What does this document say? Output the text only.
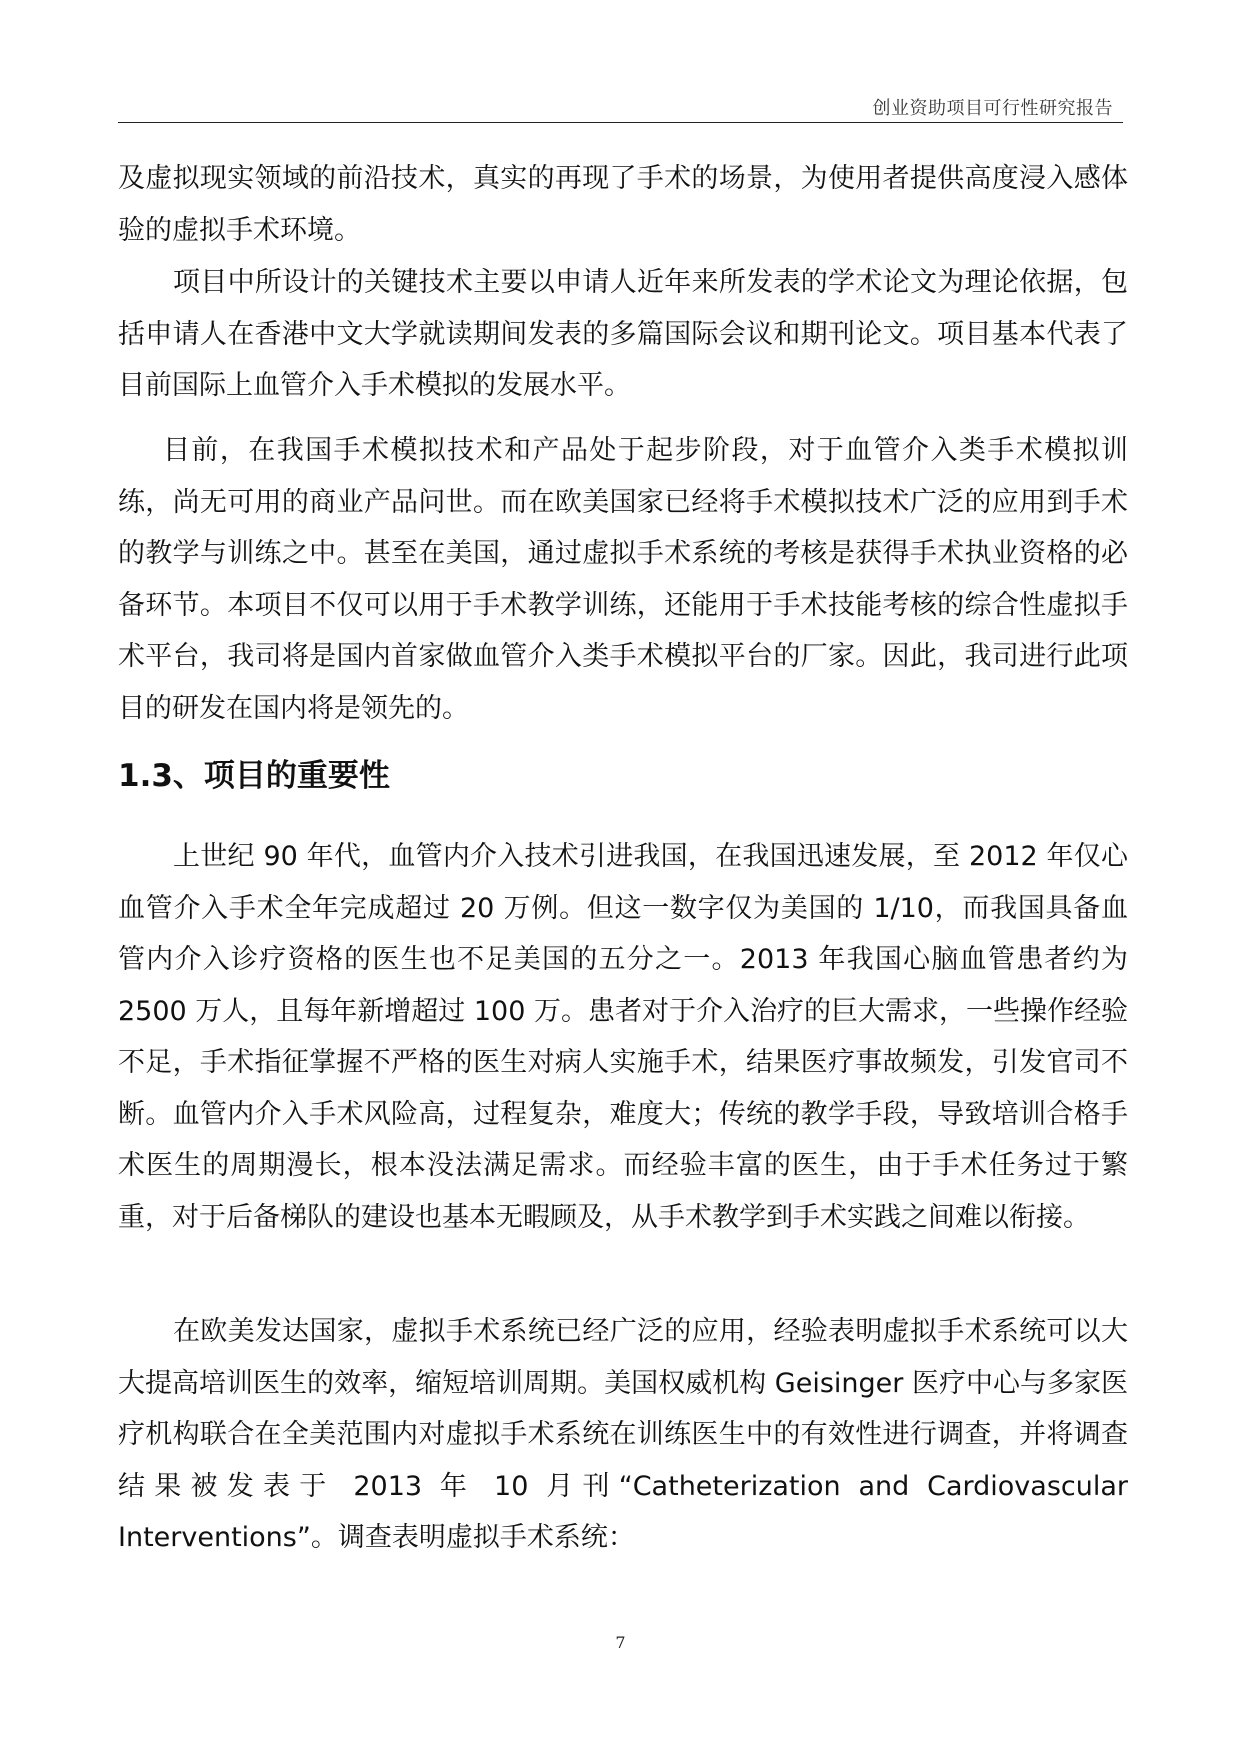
创业资助项目可行性研究报告

及虚拟现实领域的前沿技术，真实的再现了手术的场景，为使用者提供高度浸入感体验的虚拟手术环境。

项目中所设计的关键技术主要以申请人近年来所发表的学术论文为理论依据，包括申请人在香港中文大学就读期间发表的多篇国际会议和期刊论文。项目基本代表了目前国际上血管介入手术模拟的发展水平。

目前，在我国手术模拟技术和产品处于起步阶段，对于血管介入类手术模拟训练，尚无可用的商业产品问世。而在欧美国家已经将手术模拟技术广泛的应用到手术的教学与训练之中。甚至在美国，通过虚拟手术系统的考核是获得手术执业资格的必备环节。本项目不仅可以用于手术教学训练，还能用于手术技能考核的综合性虚拟手术平台，我司将是国内首家做血管介入类手术模拟平台的厂家。因此，我司进行此项目的研发在国内将是领先的。

1.3、项目的重要性

上世纪 90 年代，血管内介入技术引进我国，在我国迅速发展，至 2012 年仅心血管介入手术全年完成超过 20 万例。但这一数字仅为美国的 1/10，而我国具备血管内介入诊疗资格的医生也不足美国的五分之一。2013 年我国心脑血管患者约为 2500 万人，且每年新增超过 100 万。患者对于介入治疗的巨大需求，一些操作经验不足，手术指征掌握不严格的医生对病人实施手术，结果医疗事故频发，引发官司不断。血管内介入手术风险高，过程复杂，难度大；传统的教学手段，导致培训合格手术医生的周期漫长，根本没法满足需求。而经验丰富的医生，由于手术任务过于繁重，对于后备梯队的建设也基本无暇顾及，从手术教学到手术实践之间难以衔接。

在欧美发达国家，虚拟手术系统已经广泛的应用，经验表明虚拟手术系统可以大大提高培训医生的效率，缩短培训周期。美国权威机构 Geisinger 医疗中心与多家医疗机构联合在全美范围内对虚拟手术系统在训练医生中的有效性进行调查，并将调查结果被发表于 2013 年 10 月刊“Catheterization and Cardiovascular Interventions”。调查表明虚拟手术系统：

7
